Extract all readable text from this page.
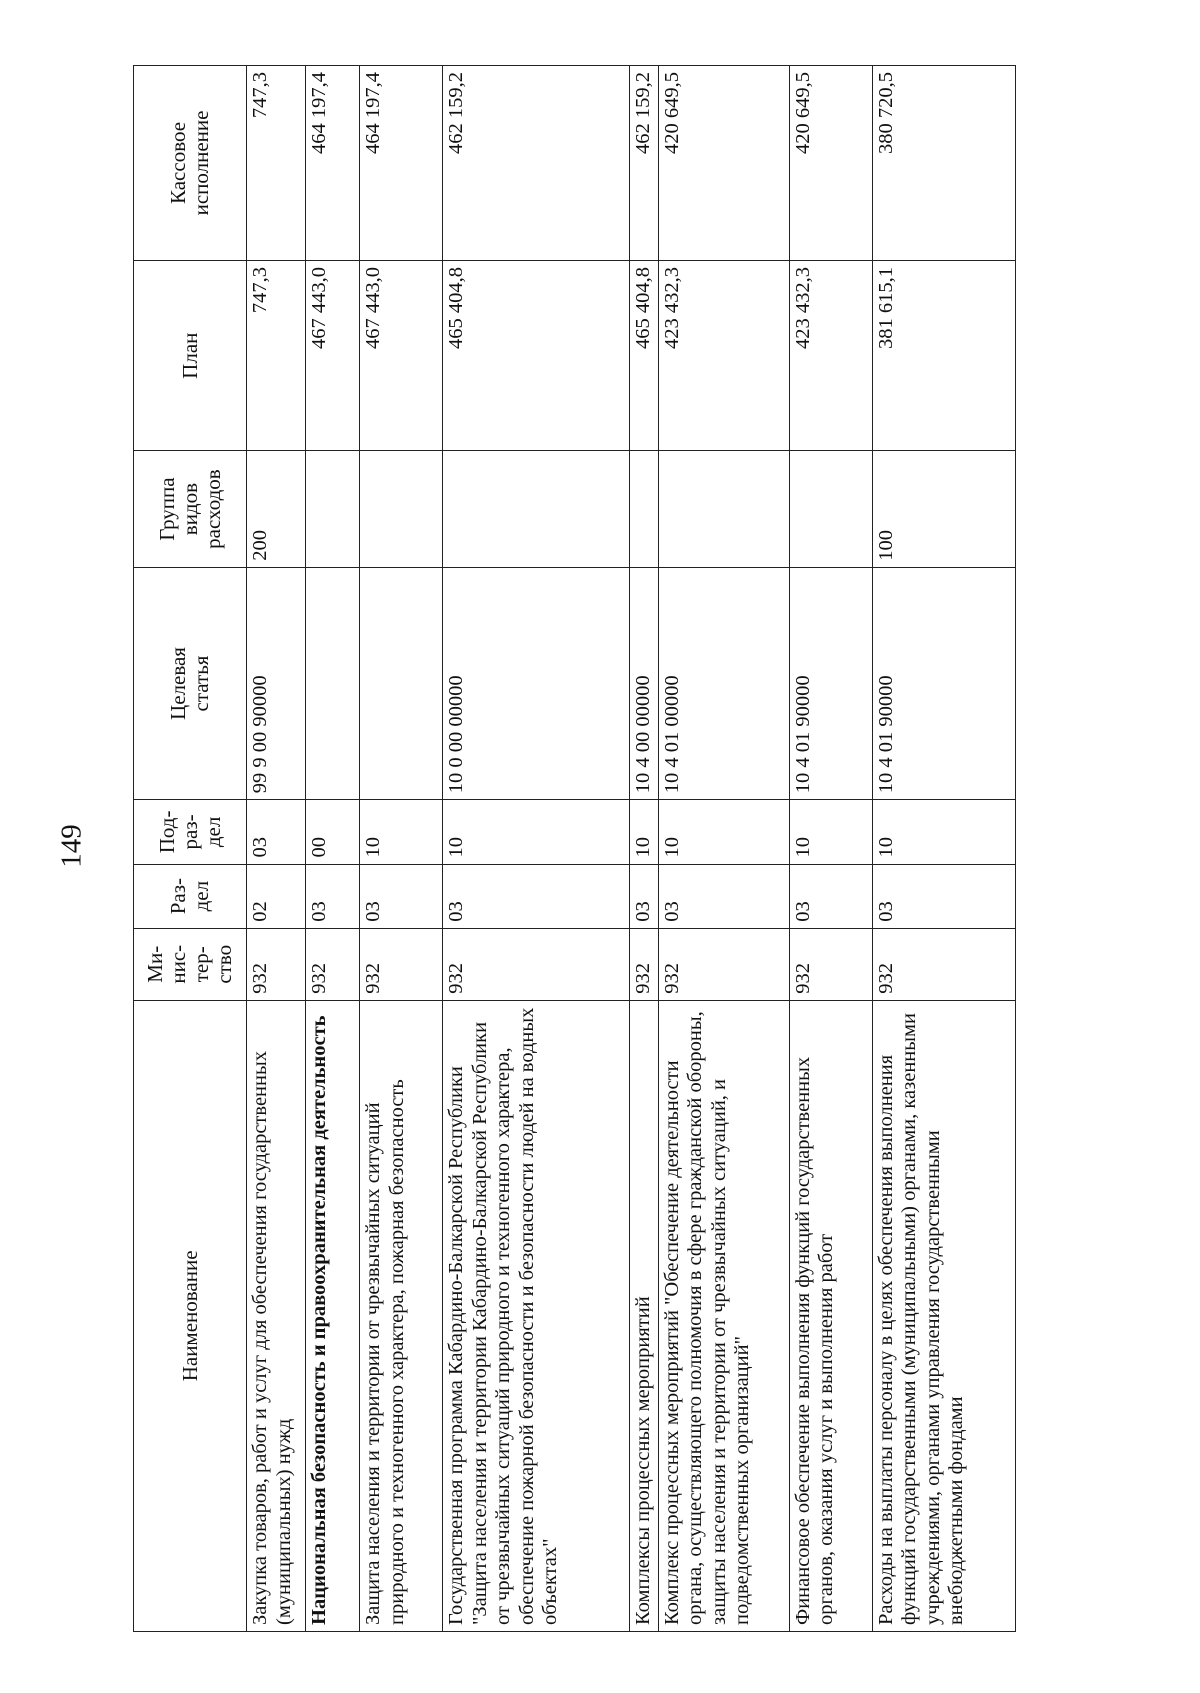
149
Наименование	Ми- нис- тер- ство	Раз- дел	Под- раз- дел	Целевая статья	Группа видов расходов	План	Кассовое исполнение

Закупка товаров, работ и услуг для обеспечения государственных (муниципальных) нужд	932	02	03	99 9 00 90000	200	747,3	747,3
Национальная безопасность и правоохранительная деятельность	932	03	00			467 443,0	464 197,4
Защита населения и территории от чрезвычайных ситуаций природного и техногенного характера, пожарная безопасность	932	03	10			467 443,0	464 197,4
Государственная программа Кабардино-Балкарской Республики "Защита населения и территории Кабардино-Балкарской Республики от чрезвычайных ситуаций природного и техногенного характера, обеспечение пожарной безопасности и безопасности людей на водных объектах"	932	03	10	10 0 00 00000		465 404,8	462 159,2
Комплексы процессных мероприятий	932	03	10	10 4 00 00000		465 404,8	462 159,2
Комплекс процессных мероприятий "Обеспечение деятельности органа, осуществляющего полномочия в сфере гражданской обороны, защиты населения и территории от чрезвычайных ситуаций, и подведомственных организаций"	932	03	10	10 4 01 00000		423 432,3	420 649,5
Финансовое обеспечение выполнения функций государственных органов, оказания услуг и выполнения работ	932	03	10	10 4 01 90000		423 432,3	420 649,5
Расходы на выплаты персоналу в целях обеспечения выполнения функций государственными (муниципальными) органами, казенными учреждениями, органами управления государственными внебюджетными фондами	932	03	10	10 4 01 90000	100	381 615,1	380 720,5
